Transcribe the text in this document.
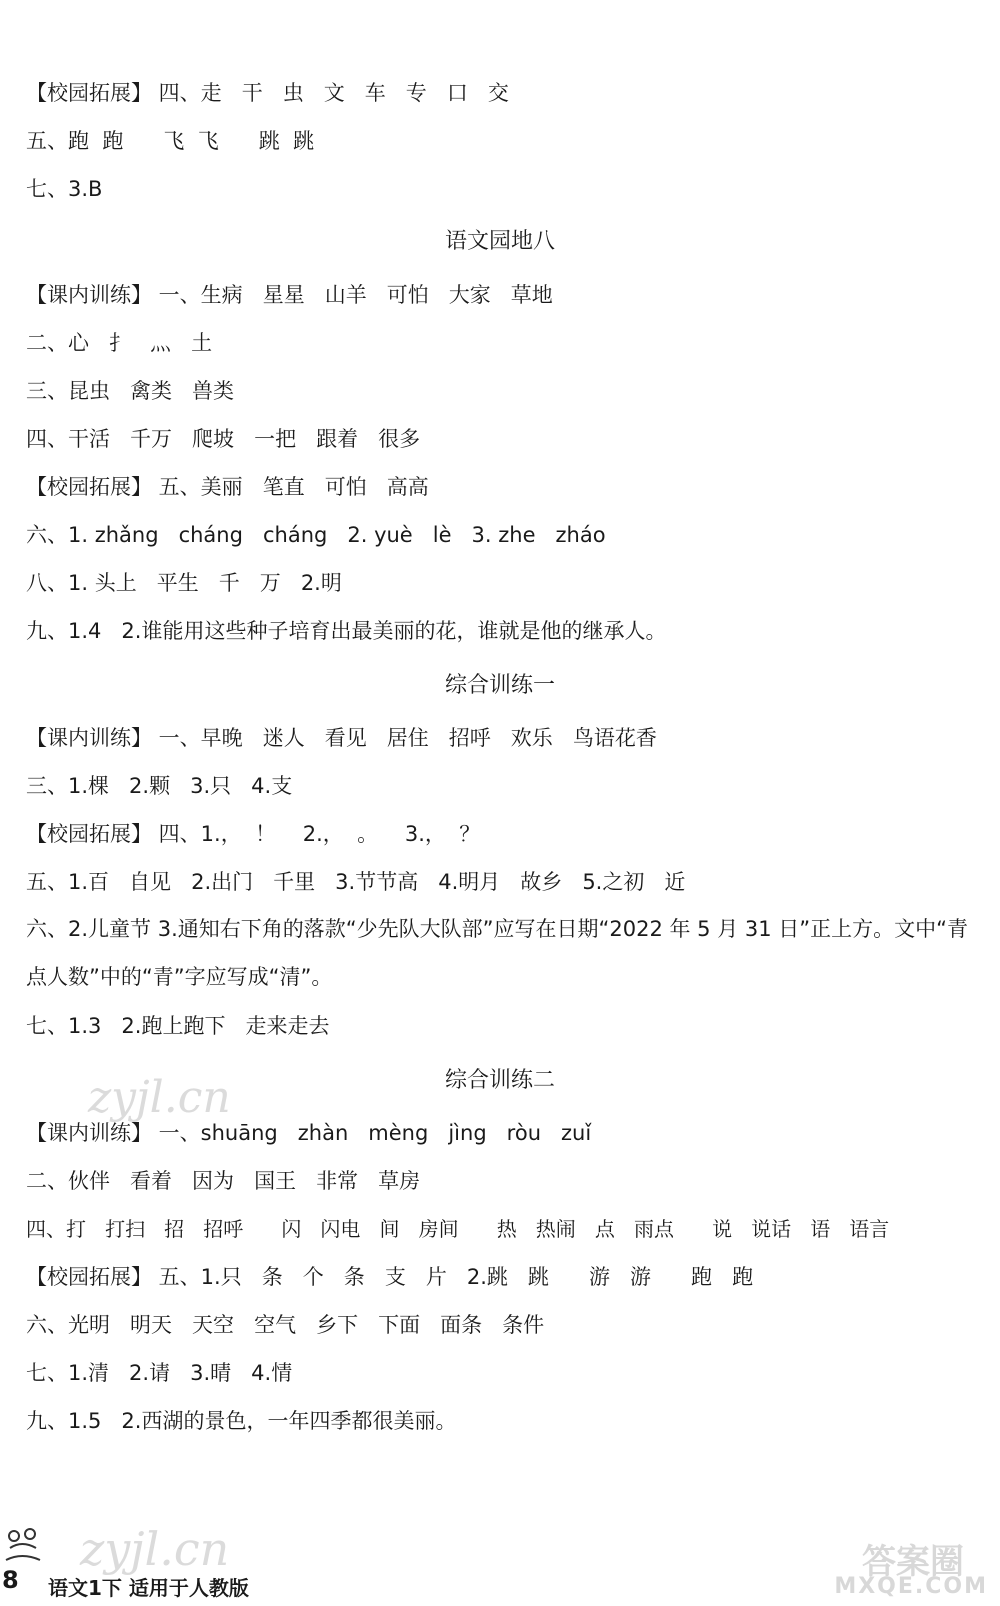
【校园拓展】 四、走   干   虫   文   车   专   口   交
五、跑  跑      飞  飞      跳  跳
七、3.B
语文园地八
【课内训练】 一、生病   星星   山羊   可怕   大家   草地
二、心   扌   灬   土
三、昆虫   禽类   兽类
四、干活   千万   爬坡   一把   跟着   很多
【校园拓展】 五、美丽   笔直   可怕   高高
六、1. zhǎng   cháng   cháng   2. yuè   lè   3. zhe   zháo
八、1. 头上   平生   千   万   2.明
九、1.4   2.谁能用这些种子培育出最美丽的花，谁就是他的继承人。
综合训练一
【课内训练】 一、早晚   迷人   看见   居住   招呼   欢乐   鸟语花香
三、1.棵   2.颗   3.只   4.支
【校园拓展】 四、1.，  ！    2.，  。    3.，  ？
五、1.百   自见   2.出门   千里   3.节节高   4.明月   故乡   5.之初   近
六、2.儿童节 3.通知右下角的落款“少先队大队部”应写在日期“2022 年 5 月 31 日”正上方。文中“青点人数”中的“青”字应写成“清”。
七、1.3   2.跑上跑下   走来走去
综合训练二
zyjl.cn
【课内训练】 一、shuāng   zhàn   mèng   jìng   ròu   zuǐ
二、伙伴   看着   因为   国王   非常   草房
四、打   打扫   招   招呼      闪   闪电   间   房间      热   热闹   点   雨点      说   说话   语   语言
【校园拓展】 五、1.只   条   个   条   支   片   2.跳   跳      游   游      跑   跑
六、光明   明天   天空   空气   乡下   下面   面条   条件
七、1.清   2.请   3.晴   4.情
九、1.5   2.西湖的景色，一年四季都很美丽。
zyjl.cn
8 语文1下 适用于人教版
答案圈
MXQE.COM
